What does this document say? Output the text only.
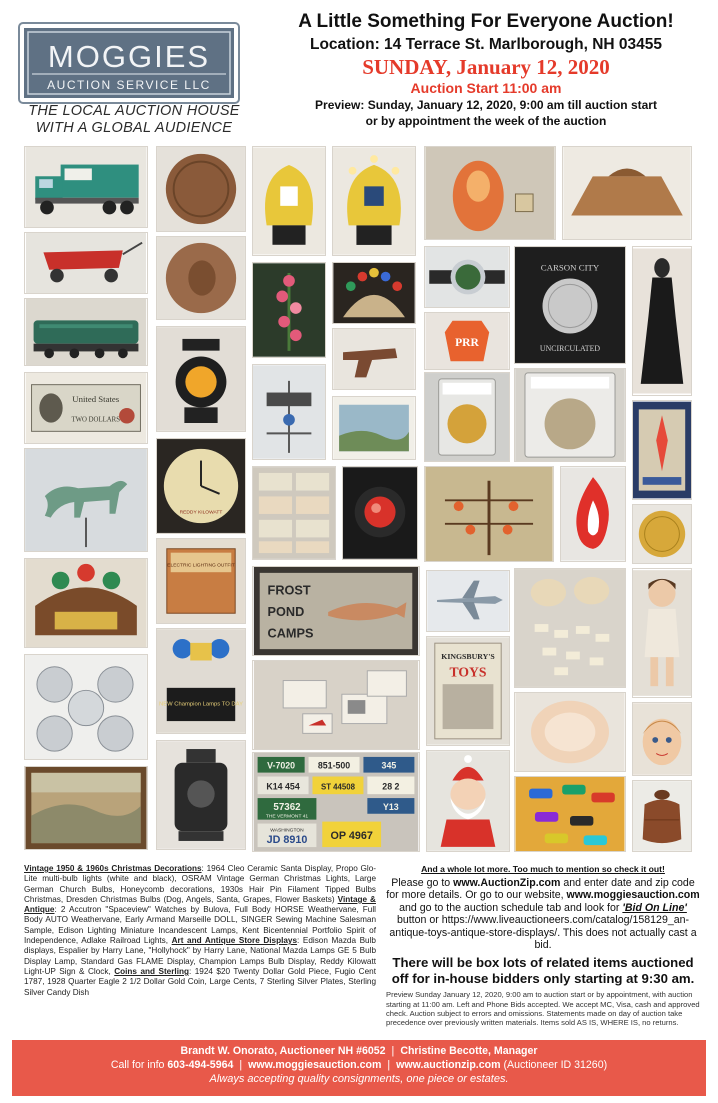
MOGGIES
AUCTION SERVICE LLC
THE LOCAL AUCTION HOUSE
WITH A GLOBAL AUDIENCE
A Little Something For Everyone Auction!
Location: 14 Terrace St. Marlborough, NH 03455
SUNDAY, January 12, 2020
Auction Start 11:00 am
Preview: Sunday, January 12, 2020, 9:00 am till auction start
or by appointment the week of the auction
United States
TWO DOLLARS
REDDY KILOWATT
ELECTRIC LIGHTING OUTFIT
NEW Champion Lamps TO DAY
CARSON CITY
UNCIRCULATED
PRR
FROST
POND
CAMPS
KINGSBURY'S
TOYS
V-7020	851-500	345
K14 454	ST 44508	28 2
57362
THE VERMONT 41
Y13
WASHINGTON
JD 8910 OP 4967
Vintage 1950 & 1960s Christmas Decorations: 1964 Cleo Ceramic Santa Display, Propo Glo-Lite multi-bulb lights (white and black), OSRAM Vintage German Christmas Lights, Large German Church Bulbs, Honeycomb decorations, 1930s Hair Pin Filament Tipped Bulbs Christmas, Dresden Christmas Bulbs (Dog, Angels, Santa, Grapes, Flower Baskets) Vintage & Antique: 2 Accutron "Spaceview" Watches by Bulova, Full Body HORSE Weathervane, Full Body AUTO Weathervane, Early Armand Marseille DOLL, SINGER Sewing Machine Salesman Sample, Edison Lighting Miniature Incandescent Lamps, Kent Bicentennial Portfolio Spirit of Independence, Adlake Railroad Lights, Art and Antique Store Displays: Edison Mazda Bulb displays, Espalier by Harry Lane, "Hollyhock" by Harry Lane, National Mazda Lamps GE 5 Bulb Display Lamp, Standard Gas FLAME Display, Champion Lamps Bulb Display, Reddy Kilowatt Light-UP Sign & Clock, Coins and Sterling: 1924 $20 Twenty Dollar Gold Piece, Fugio Cent 1787, 1928 Quarter Eagle 2 1/2 Dollar Gold Coin, Large Cents, 7 Sterling Silver Plates, Sterling Silver Candy Dish
And a whole lot more. Too much to mention so check it out!
Please go to www.AuctionZip.com and enter date and zip code for more details. Or go to our website, www.moggiesauction.com and go to the auction schedule tab and look for 'Bid On Line' button or https://www.liveauctioneers.com/catalog/158129_an-antique-toys-antique-store-displays/. This does not actually cast a bid.
There will be box lots of related items auctioned off for in-house bidders only starting at 9:30 am.
Preview Sunday January 12, 2020, 9:00 am to auction start or by appointment, with auction starting at 11:00 am. Left and Phone Bids accepted. We accept MC, Visa, cash and approved check. Auction subject to errors and omissions. Statements made on day of auction take precedence over previously written materials. Items sold AS IS, WHERE IS, no returns.
Brandt W. Onorato, Auctioneer NH #6052 | Christine Becotte, Manager
Call for info 603-494-5964 | www.moggiesauction.com | www.auctionzip.com (Auctioneer ID 31260)
Always accepting quality consignments, one piece or estates.
